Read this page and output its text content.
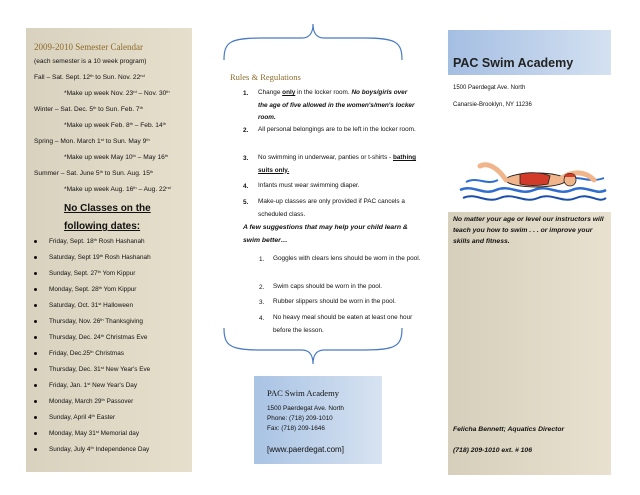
2009-2010 Semester Calendar
(each semester is a 10 week program)
Fall – Sat. Sept. 12th to Sun. Nov. 22nd
*Make up week Nov. 23rd – Nov. 30th
Winter – Sat. Dec. 5th to Sun. Feb. 7th
*Make up week Feb. 8th – Feb. 14th
Spring – Mon. March 1st to Sun. May 9th
*Make up week May 10th – May 16th
Summer – Sat. June 5th to Sun. Aug. 15th
*Make up week Aug. 16th – Aug. 22nd
No Classes on the following dates:
Friday, Sept. 18th Rosh Hashanah
Saturday, Sept 19th Rosh Hashanah
Sunday, Sept. 27th Yom Kippur
Monday, Sept. 28th Yom Kippur
Saturday, Oct. 31st Halloween
Thursday, Nov. 26th Thanksgiving
Thursday, Dec. 24th Christmas Eve
Friday, Dec.25th Christmas
Thursday, Dec. 31st New Year's Eve
Friday, Jan. 1st New Year's Day
Monday, March 29th Passover
Sunday, April 4th Easter
Monday, May 31st Memorial day
Sunday, July 4th Independence Day
Rules & Regulations
1. Change only in the locker room. No boys/girls over the age of five allowed in the women's/men's locker room.
2. All personal belongings are to be left in the locker room.
3. No swimming in underwear, panties or t-shirts - bathing suits only.
4. Infants must wear swimming diaper.
5. Make-up classes are only provided if PAC cancels a scheduled class.
A few suggestions that may help your child learn & swim better…
1. Goggles with clears lens should be worn in the pool.
2. Swim caps should be worn in the pool.
3. Rubber slippers should be worn in the pool.
4. No heavy meal should be eaten at least one hour before the lesson.
PAC Swim Academy
1500 Paerdegat Ave. North
Phone: (718) 209-1010
Fax: (718) 209-1646
[www.paerdegat.com]
PAC Swim Academy
1500 Paerdegat Ave. North
Canarsie-Brooklyn, NY 11236
No matter your age or level our instructors will teach you how to swim . . . or improve your skills and fitness.
Felicha Bennett; Aquatics Director
(718) 209-1010 ext. # 106
